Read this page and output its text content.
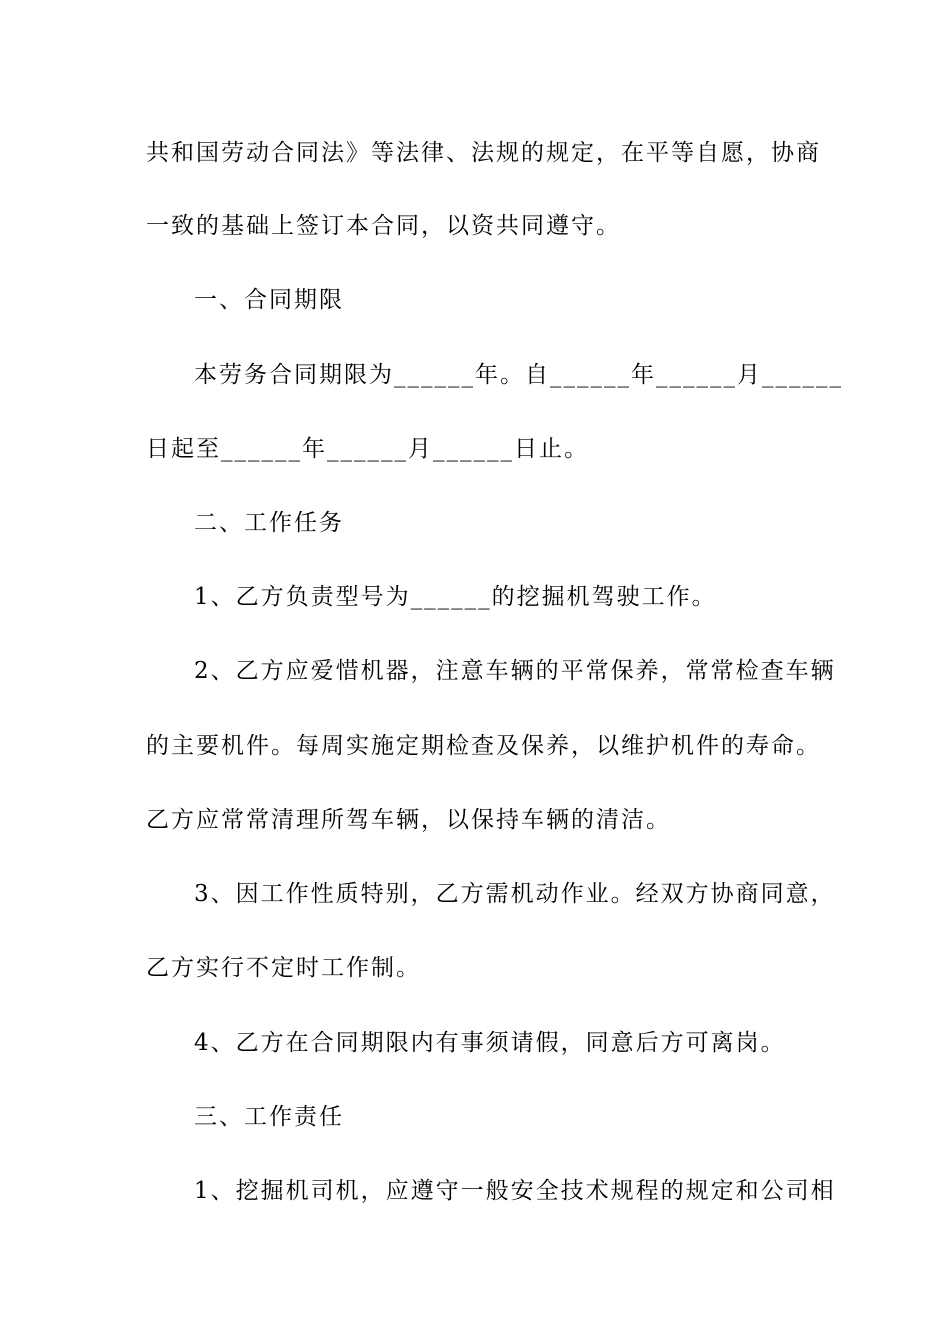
共和国劳动合同法》等法律、法规的规定，在平等自愿，协商
一致的基础上签订本合同，以资共同遵守。
一、合同期限
本劳务合同期限为______年。自______年______月______
日起至______年______月______日止。
二、工作任务
1、乙方负责型号为______的挖掘机驾驶工作。
2、乙方应爱惜机器，注意车辆的平常保养，常常检查车辆
的主要机件。每周实施定期检查及保养，以维护机件的寿命。
乙方应常常清理所驾车辆，以保持车辆的清洁。
3、因工作性质特别，乙方需机动作业。经双方协商同意，
乙方实行不定时工作制。
4、乙方在合同期限内有事须请假，同意后方可离岗。
三、工作责任
1、挖掘机司机，应遵守一般安全技术规程的规定和公司相
